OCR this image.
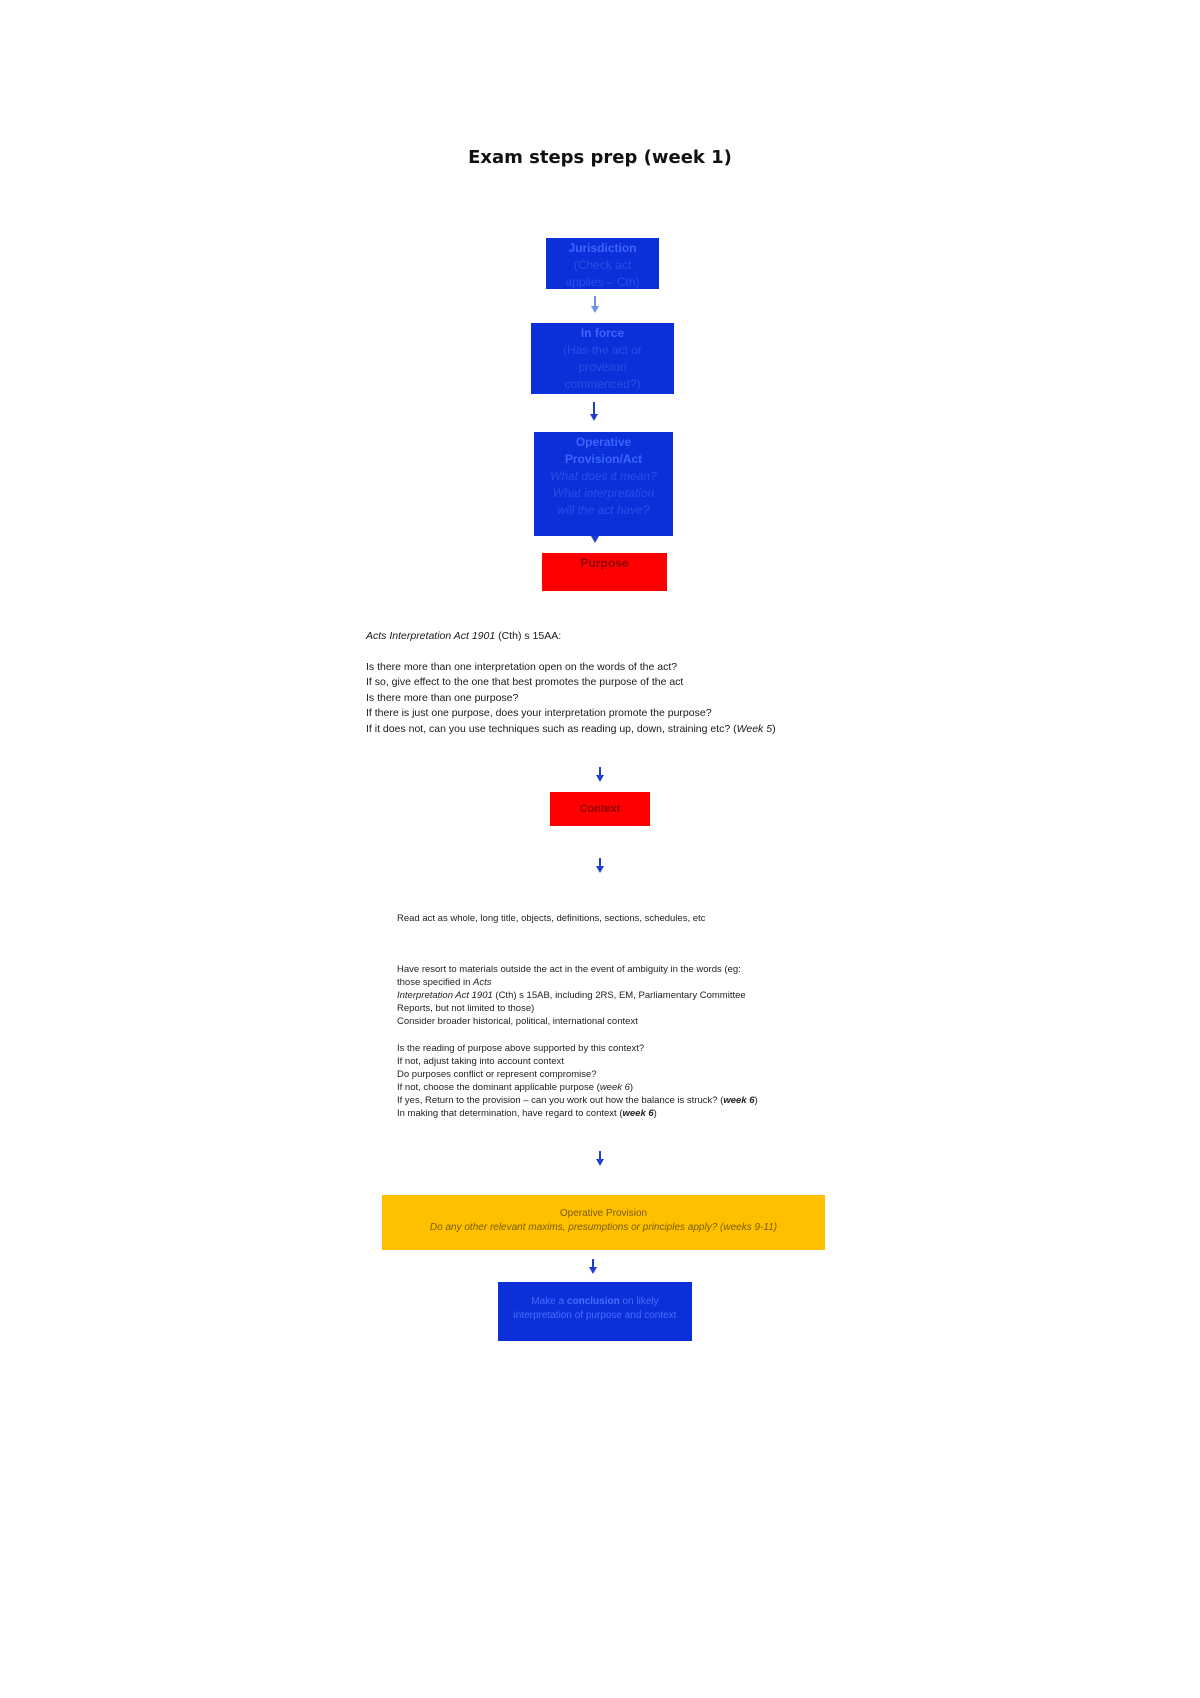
Exam steps prep (week 1)
Jurisdiction
(Check act
applies – Cth)
In force
(Has the act or
provision
commenced?)
Operative
Provision/Act
What does it mean?
What interpretation
will the act have?
Purpose
Acts Interpretation Act 1901 (Cth) s 15AA:
Is there more than one interpretation open on the words of the act?
If so, give effect to the one that best promotes the purpose of the act
Is there more than one purpose?
If there is just one purpose, does your interpretation promote the purpose?
If it does not, can you use techniques such as reading up, down, straining etc? (Week 5)
Context
Read act as whole, long title, objects, definitions, sections, schedules, etc
Have resort to materials outside the act in the event of ambiguity in the words (eg:
those specified in Acts
Interpretation Act 1901 (Cth) s 15AB, including 2RS, EM, Parliamentary Committee
Reports, but not limited to those)
Consider broader historical, political, international context
Is the reading of purpose above supported by this context?
If not, adjust taking into account context
Do purposes conflict or represent compromise?
If not, choose the dominant applicable purpose (week 6)
If yes, Return to the provision – can you work out how the balance is struck? (week 6)
In making that determination, have regard to context (week 6)
Operative Provision
Do any other relevant maxims, presumptions or principles apply? (weeks 9-11)
Make a conclusion on likely
interpretation of purpose and context
